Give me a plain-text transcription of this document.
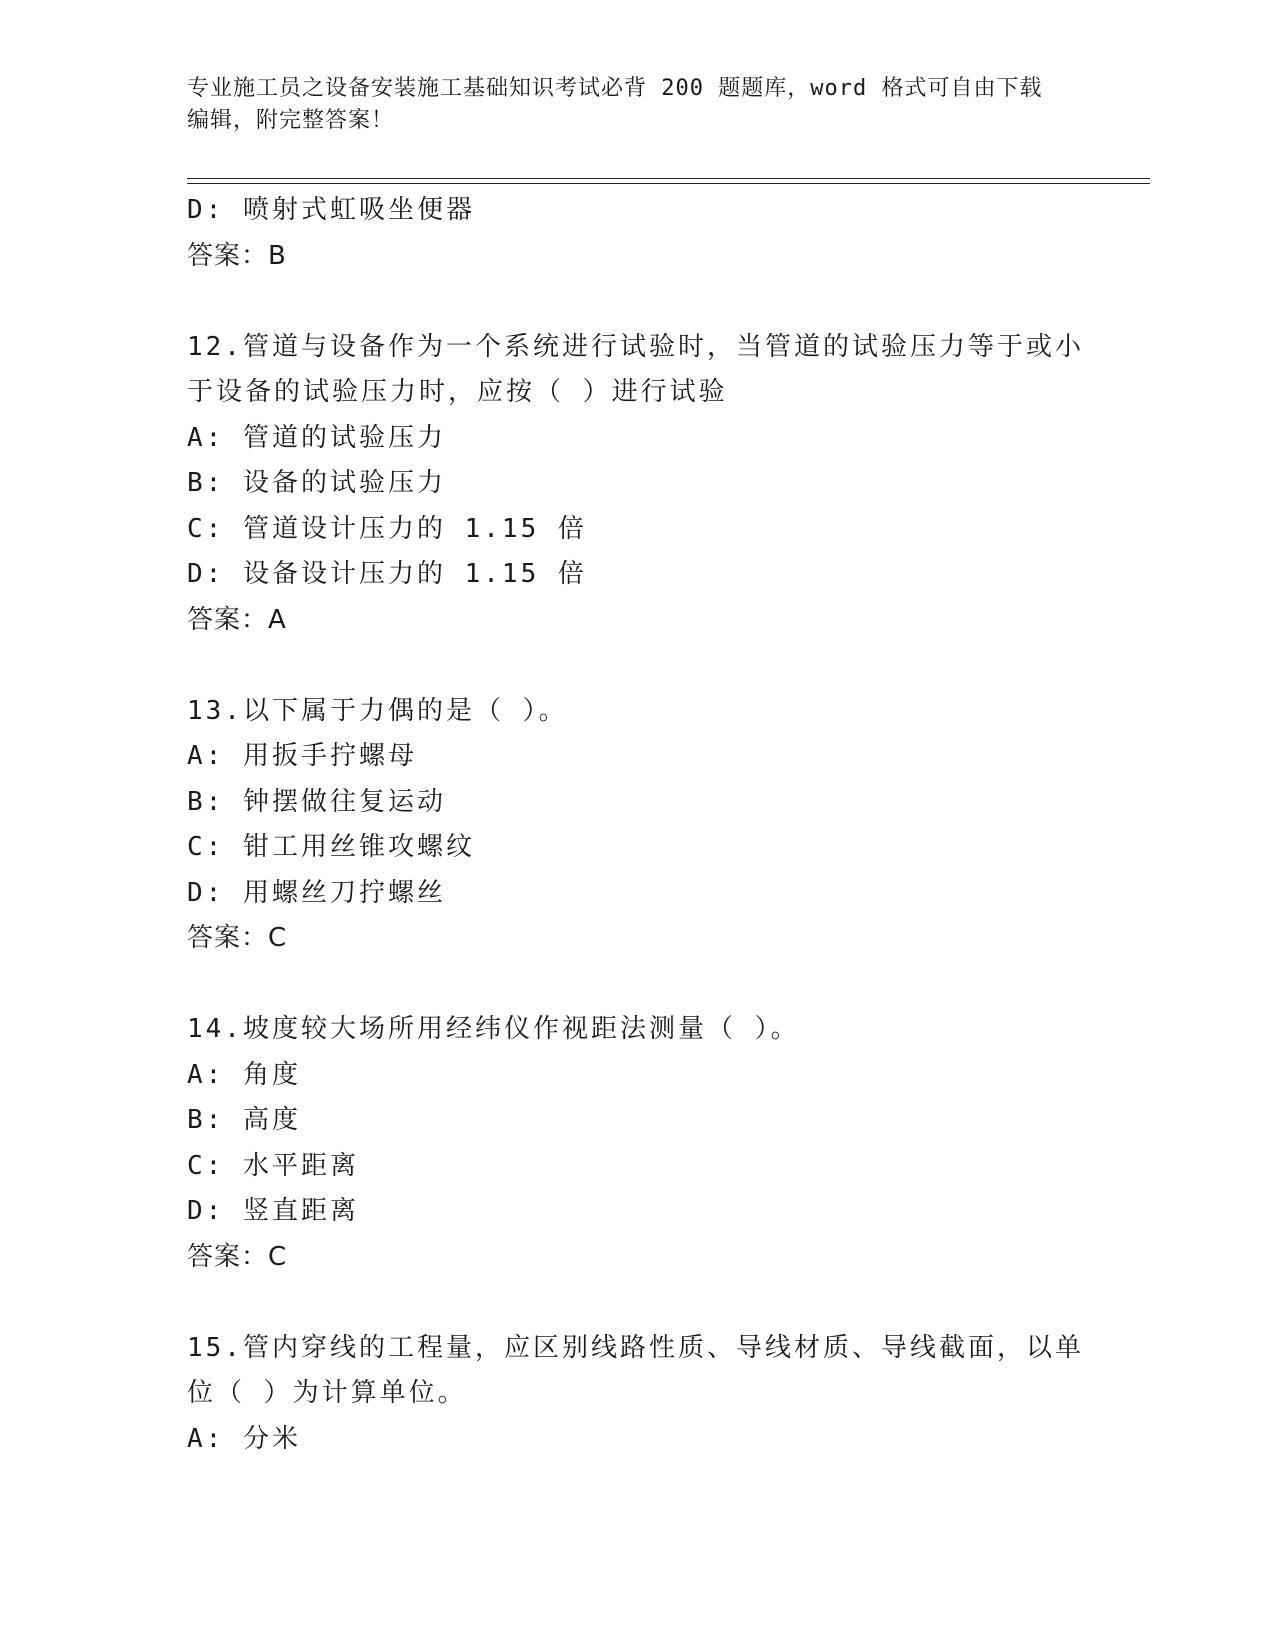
专业施工员之设备安装施工基础知识考试必背 200 题题库，word 格式可自由下载
编辑，附完整答案！
D: 喷射式虹吸坐便器
答案：B
12.管道与设备作为一个系统进行试验时，当管道的试验压力等于或小
于设备的试验压力时，应按（ ）进行试验
A: 管道的试验压力
B: 设备的试验压力
C: 管道设计压力的 1.15 倍
D: 设备设计压力的 1.15 倍
答案：A
13.以下属于力偶的是（ ）。
A: 用扳手拧螺母
B: 钟摆做往复运动
C: 钳工用丝锥攻螺纹
D: 用螺丝刀拧螺丝
答案：C
14.坡度较大场所用经纬仪作视距法测量（ ）。
A: 角度
B: 高度
C: 水平距离
D: 竖直距离
答案：C
15.管内穿线的工程量，应区别线路性质、导线材质、导线截面，以单
位（ ）为计算单位。
A: 分米
